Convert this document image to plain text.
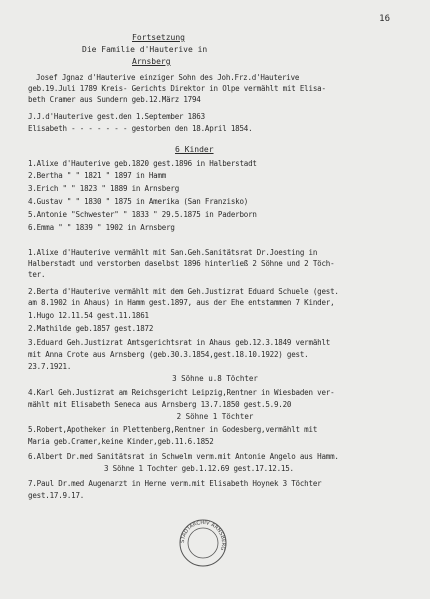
16
Fortsetzung
Die Familie d'Hauterive in
Arnsberg
Josef Jgnaz d'Hauterive einziger Sohn des Joh.Frz.d'Hauterive
geb.19.Juli 1789 Kreis- Gerichts Direktor in Olpe vermählt mit Elisa-
beth Cramer aus Sundern geb.12.März 1794
J.J.d'Hauterive gest.den 1.September 1863
Elisabeth - - - - - - - gestorben den 18.April 1854.
6 Kinder
1.Alixe d'Hauterive geb.1820 gest.1896 in Halberstadt
2.Bertha " " 1821 " 1897 in Hamm
3.Erich " " 1823 " 1889 in Arnsberg
4.Gustav " " 1830 " 1875 in Amerika (San Franzisko)
5.Antonie "Schwester" " 1833 " 29.5.1875 in Paderborn
6.Emma " " 1839 " 1902 in Arnsberg
1.Alixe d'Hauterive vermählt mit San.Geh.Sanitätsrat Dr.Joesting in
Halberstadt und verstorben daselbst 1896 hinterließ 2 Söhne und 2 Töch-
ter.
2.Berta d'Hauterive vermählt mit dem Geh.Justizrat Eduard Schuele (gest.
am 8.1902 in Ahaus) in Hamm gest.1897, aus der Ehe entstammen 7 Kinder,
1.Hugo 12.11.54 gest.11.1861
2.Mathilde geb.1857 gest.1872
3.Eduard Geh.Justizrat Amtsgerichtsrat in Ahaus geb.12.3.1849 vermählt
mit Anna Crote aus Arnsberg (geb.30.3.1854,gest.18.10.1922) gest.
23.7.1921.
3 Söhne u.8 Töchter
4.Karl Geh.Justizrat am Reichsgericht Leipzig,Rentner in Wiesbaden ver-
mählt mit Elisabeth Seneca aus Arnsberg 13.7.1850 gest.5.9.20
2 Söhne 1 Töchter
5.Robert,Apotheker in Plettenberg,Rentner in Godesberg,vermählt mit
Maria geb.Cramer,keine Kinder,geb.11.6.1852
6.Albert Dr.med Sanitätsrat in Schwelm verm.mit Antonie Angelo aus Hamm.
3 Söhne 1 Tochter geb.1.12.69 gest.17.12.15.
7.Paul Dr.med Augenarzt in Herne verm.mit Elisabeth Hoynek 3 Töchter
gest.17.9.17.
STADTARCHIV ARNSBERG
